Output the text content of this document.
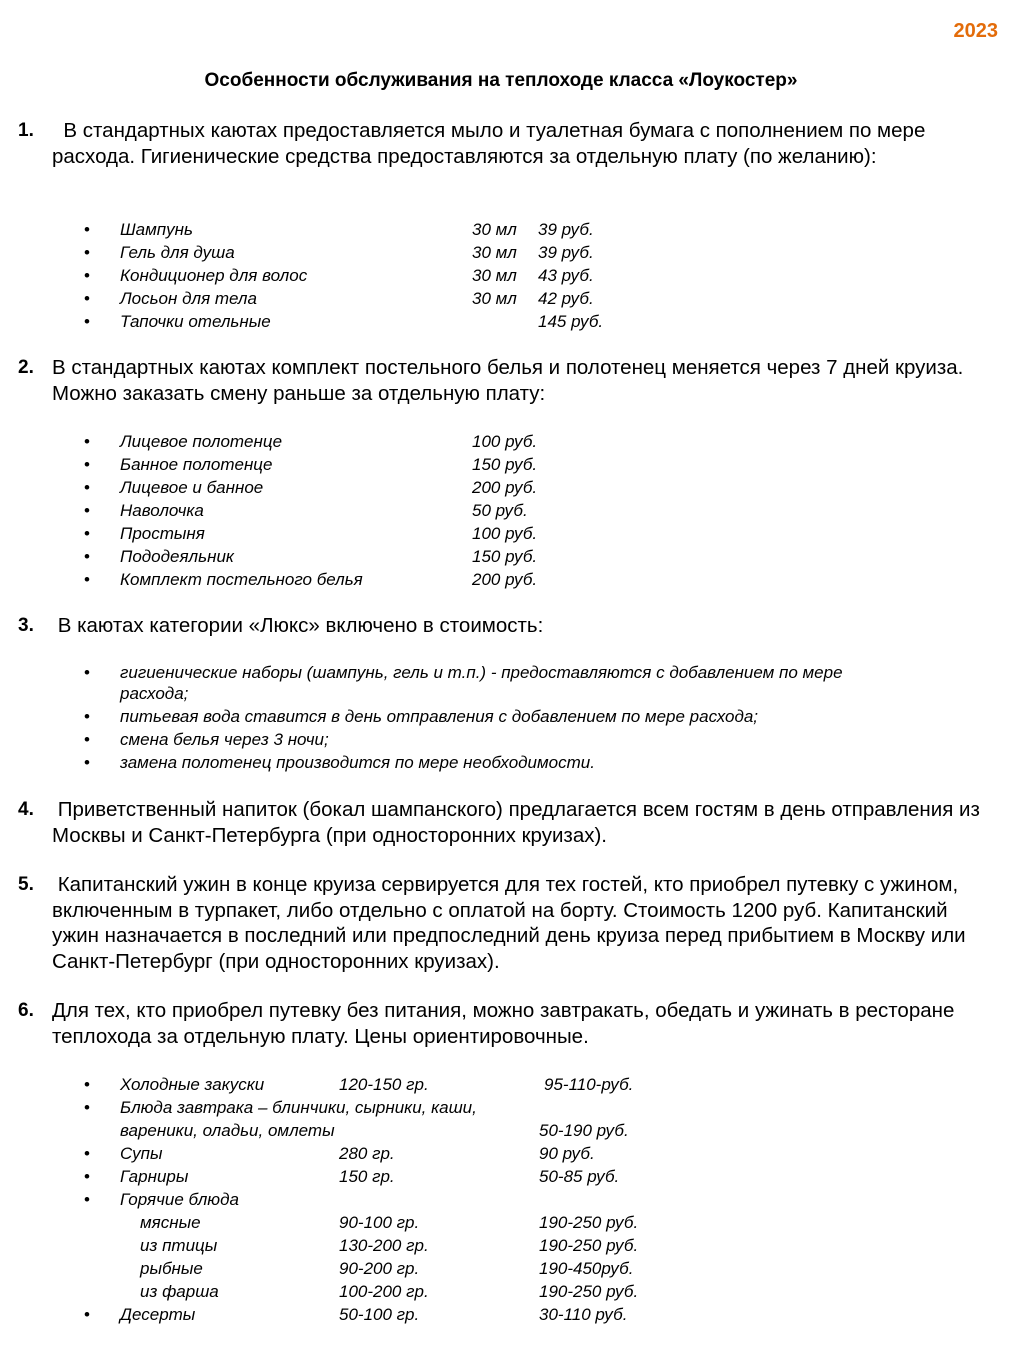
2023
Особенности обслуживания на теплоходе класса «Лоукостер»
1. В стандартных каютах предоставляется мыло и туалетная бумага с пополнением по мере расхода. Гигиенические средства предоставляются за отдельную плату (по желанию):
• Шампунь	30 мл 39 руб.
• Гель для душа	30 мл 39 руб.
• Кондиционер для волос	30 мл 43 руб.
• Лосьон для тела	30 мл 42 руб.
• Тапочки отельные	145 руб.
2. В стандартных каютах комплект постельного белья и полотенец меняется через 7 дней круиза.  Можно заказать смену раньше за отдельную плату:
• Лицевое полотенце	100 руб.
• Банное полотенце	150 руб.
• Лицевое и банное	200 руб.
• Наволочка	50 руб.
• Простыня	100 руб.
• Пододеяльник	150 руб.
• Комплект постельного белья	200 руб.
3. В каютах категории «Люкс» включено в стоимость:
• гигиенические наборы (шампунь, гель и т.п.) - предоставляются с добавлением по мере расхода;
• питьевая вода ставится в день отправления с добавлением по мере расхода;
• смена белья через 3 ночи;
• замена полотенец производится по мере необходимости.
4. Приветственный напиток (бокал шампанского) предлагается всем гостям в день отправления из Москвы и Санкт-Петербурга (при односторонних круизах).
5. Капитанский ужин в конце круиза сервируется для тех гостей, кто приобрел путевку с ужином, включенным в турпакет, либо отдельно с оплатой на борту. Стоимость 1200 руб. Капитанский ужин назначается в последний или предпоследний день круиза перед прибытием в Москву или Санкт-Петербург (при односторонних круизах).
6. Для тех, кто приобрел путевку без питания, можно завтракать, обедать и ужинать в ресторане теплохода за отдельную плату. Цены ориентировочные.
• Холодные закуски	120-150 гр.	95-110-руб.
• Блюда завтрака – блинчики, сырники, каши,
вареники, оладьи, омлеты	50-190 руб.
• Супы	280 гр.	90 руб.
• Гарниры	150 гр.	50-85 руб.
• Горячие блюда
мясные	90-100 гр.	190-250 руб.
из птицы	130-200 гр.	190-250 руб.
рыбные	90-200 гр.	190-450руб.
из фарша	100-200 гр.	190-250 руб.
• Десерты	50-100 гр.	30-110 руб.
